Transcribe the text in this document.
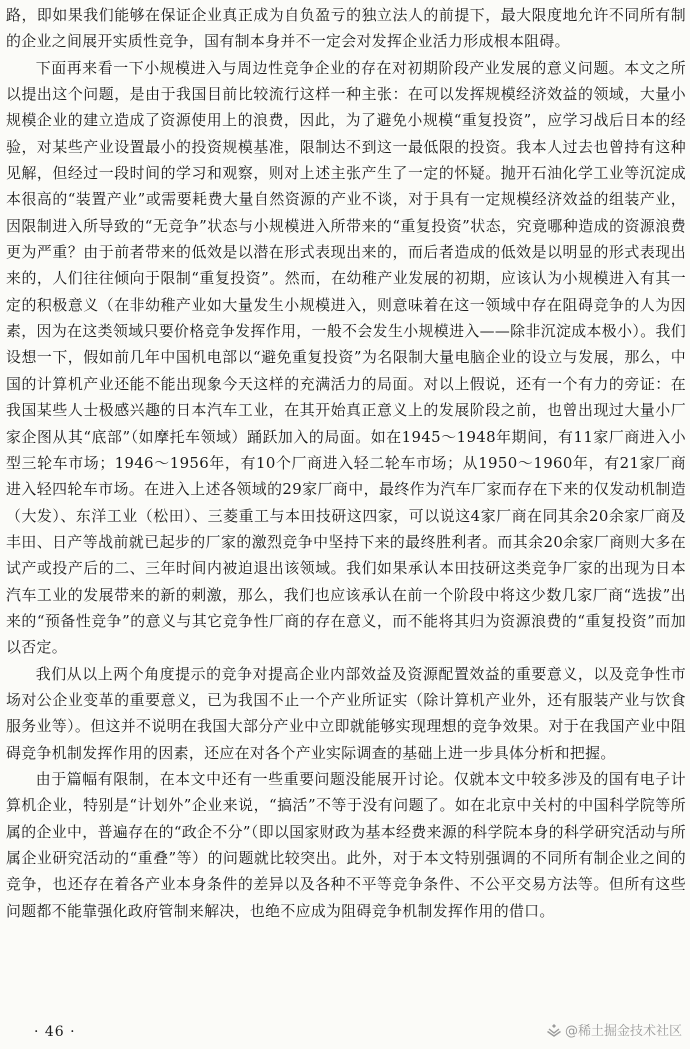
路，即如果我们能够在保证企业真正成为自负盈亏的独立法人的前提下，最大限度地允许不同所有制的企业之间展开实质性竞争，国有制本身并不一定会对发挥企业活力形成根本阻碍。

下面再来看一下小规模进入与周边性竞争企业的存在对初期阶段产业发展的意义问题。本文之所以提出这个问题，是由于我国目前比较流行这样一种主张：在可以发挥规模经济效益的领域，大量小规模企业的建立造成了资源使用上的浪费，因此，为了避免小规模“重复投资”，应学习战后日本的经验，对某些产业设置最小的投资规模基准，限制达不到这一最低限的投资。我本人过去也曾持有这种见解，但经过一段时间的学习和观察，则对上述主张产生了一定的怀疑。抛开石油化学工业等沉淀成本很高的“装置产业”或需要耗费大量自然资源的产业不谈，对于具有一定规模经济效益的组装产业，因限制进入所导致的“无竞争”状态与小规模进入所带来的“重复投资”状态，究竟哪种造成的资源浪费更为严重？由于前者带来的低效是以潜在形式表现出来的，而后者造成的低效是以明显的形式表现出来的，人们往往倾向于限制“重复投资”。然而，在幼稚产业发展的初期，应该认为小规模进入有其一定的积极意义（在非幼稚产业如大量发生小规模进入，则意味着在这一领域中存在阻碍竞争的人为因素，因为在这类领域只要价格竞争发挥作用，一般不会发生小规模进入——除非沉淀成本极小）。我们设想一下，假如前几年中国机电部以“避免重复投资”为名限制大量电脑企业的设立与发展，那么，中国的计算机产业还能不能出现象今天这样的充满活力的局面。对以上假说，还有一个有力的旁证：在我国某些人士极感兴趣的日本汽车工业，在其开始真正意义上的发展阶段之前，也曾出现过大量小厂家企图从其“底部”（如摩托车领域）踊跃加入的局面。如在1945～1948年期间，有11家厂商进入小型三轮车市场；1946～1956年，有10个厂商进入轻二轮车市场；从1950～1960年，有21家厂商进入轻四轮车市场。在进入上述各领域的29家厂商中，最终作为汽车厂家而存在下来的仅发动机制造（大发）、东洋工业（松田）、三菱重工与本田技研这四家，可以说这4家厂商在同其余20余家厂商及丰田、日产等战前就已起步的厂家的激烈竞争中坚持下来的最终胜利者。而其余20余家厂商则大多在试产或投产后的二、三年时间内被迫退出该领域。我们如果承认本田技研这类竞争厂家的出现为日本汽车工业的发展带来的新的刺激，那么，我们也应该承认在前一个阶段中将这少数几家厂商“选拔”出来的“预备性竞争”的意义与其它竞争性厂商的存在意义，而不能将其归为资源浪费的“重复投资”而加以否定。

我们从以上两个角度提示的竞争对提高企业内部效益及资源配置效益的重要意义，以及竞争性市场对公企业变革的重要意义，已为我国不止一个产业所证实（除计算机产业外，还有服装产业与饮食服务业等）。但这并不说明在我国大部分产业中立即就能够实现理想的竞争效果。对于在我国产业中阻碍竞争机制发挥作用的因素，还应在对各个产业实际调查的基础上进一步具体分析和把握。

由于篇幅有限制，在本文中还有一些重要问题没能展开讨论。仅就本文中较多涉及的国有电子计算机企业，特别是“计划外”企业来说，“搞活”不等于没有问题了。如在北京中关村的中国科学院等所属的企业中，普遍存在的“政企不分”（即以国家财政为基本经费来源的科学院本身的科学研究活动与所属企业研究活动的“重叠”等）的问题就比较突出。此外，对于本文特别强调的不同所有制企业之间的竞争，也还存在着各产业本身条件的差异以及各种不平等竞争条件、不公平交易方法等。但所有这些问题都不能靠强化政府管制来解决，也绝不应成为阻碍竞争机制发挥作用的借口。

· 46 ·	@稀土掘金技术社区
